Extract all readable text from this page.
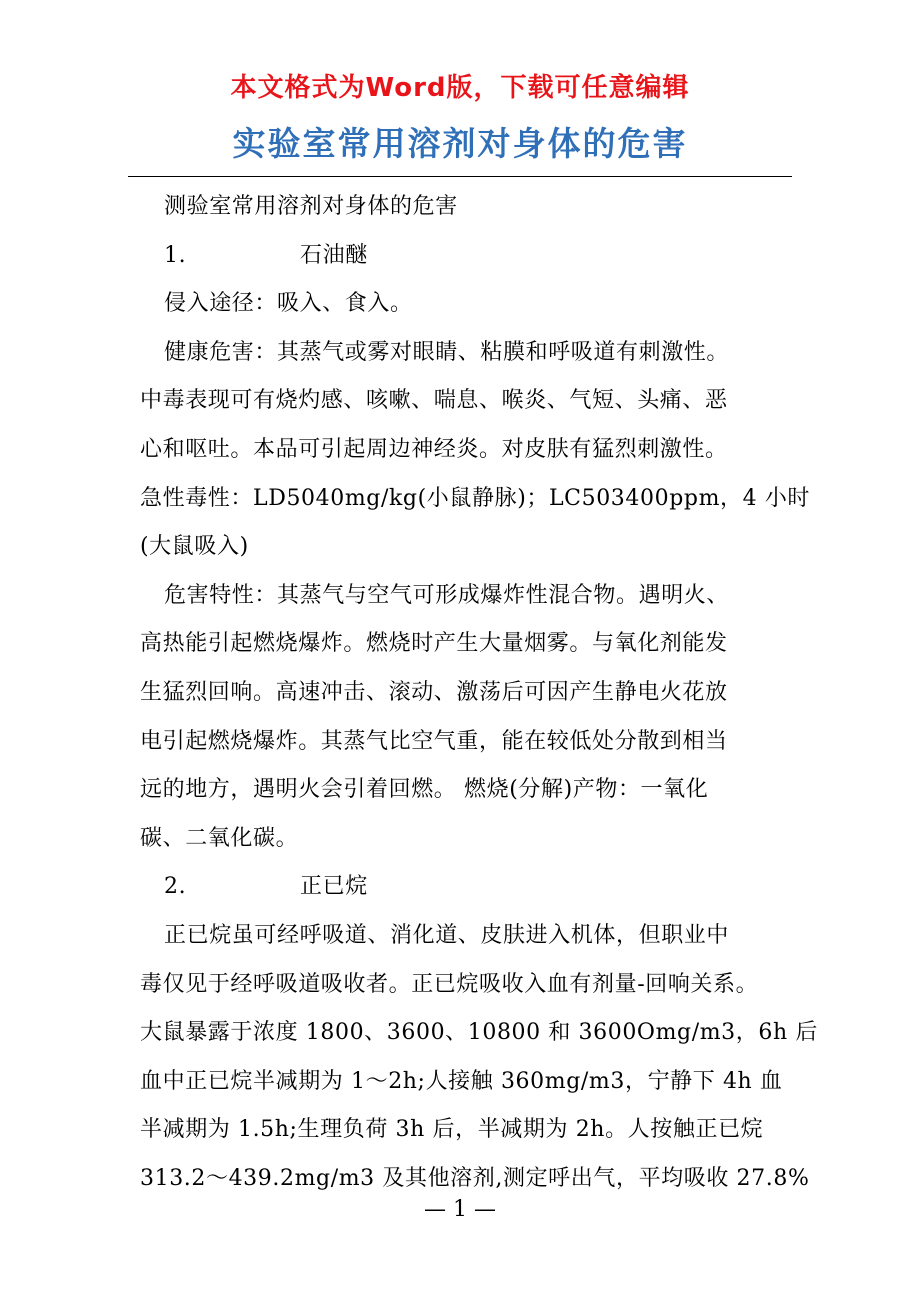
本文格式为Word版，下载可任意编辑
实验室常用溶剂对身体的危害

测验室常用溶剂对身体的危害

1.	石油醚

侵入途径：吸入、食入。

健康危害：其蒸气或雾对眼睛、粘膜和呼吸道有刺激性。

中毒表现可有烧灼感、咳嗽、喘息、喉炎、气短、头痛、恶

心和呕吐。本品可引起周边神经炎。对皮肤有猛烈刺激性。

急性毒性：LD5040mg/kg(小鼠静脉)；LC503400ppm，4 小时

(大鼠吸入)

危害特性：其蒸气与空气可形成爆炸性混合物。遇明火、

高热能引起燃烧爆炸。燃烧时产生大量烟雾。与氧化剂能发

生猛烈回响。高速冲击、滚动、激荡后可因产生静电火花放

电引起燃烧爆炸。其蒸气比空气重，能在较低处分散到相当

远的地方，遇明火会引着回燃。 燃烧(分解)产物：一氧化

碳、二氧化碳。

2.	正已烷

正已烷虽可经呼吸道、消化道、皮肤进入机体，但职业中

毒仅见于经呼吸道吸收者。正已烷吸收入血有剂量-回响关系。

大鼠暴露于浓度 1800、3600、10800 和 3600Omg/m3，6h 后

血中正已烷半减期为 1～2h;人接触 360mg/m3，宁静下 4h 血

半减期为 1.5h;生理负荷 3h 后，半减期为 2h。人按触正已烷

313.2～439.2mg/m3 及其他溶剂,测定呼出气，平均吸收 27.8%

— 1 —
